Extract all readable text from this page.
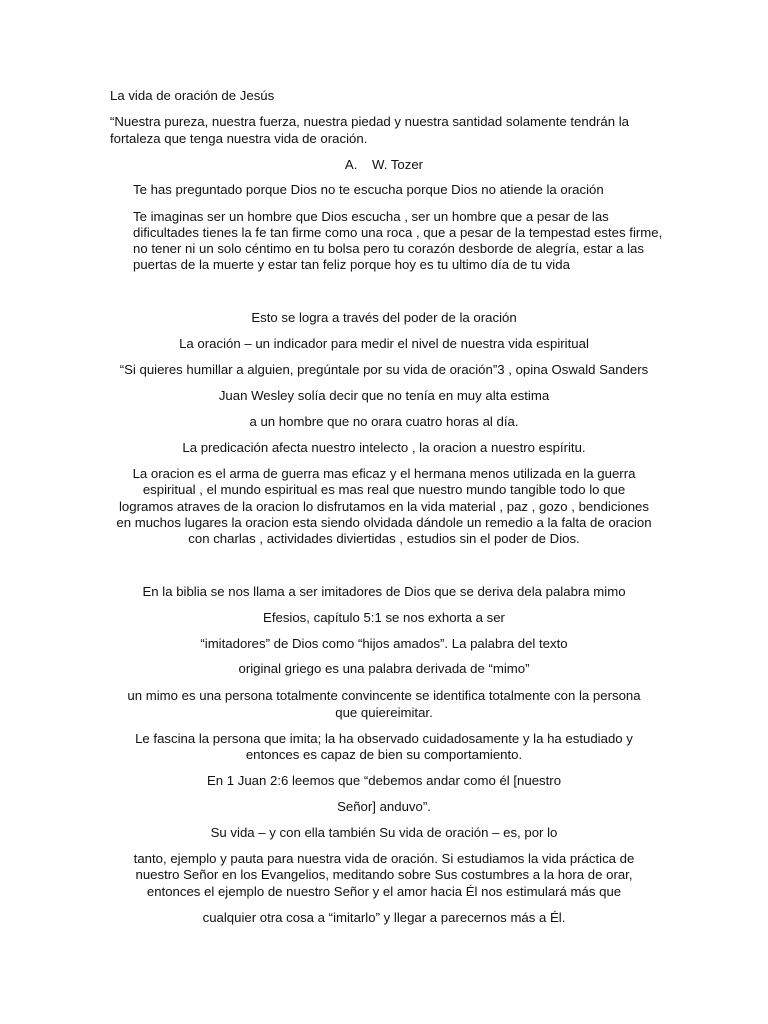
La vida de oración de Jesús

“Nuestra pureza, nuestra fuerza, nuestra piedad y nuestra santidad solamente tendrán la

fortaleza que tenga nuestra vida de oración.

A.    W. Tozer

Te has preguntado porque Dios no te escucha porque Dios no atiende la oración

Te imaginas ser un hombre que Dios escucha , ser un hombre que a pesar de las

dificultades tienes la fe tan firme como una roca , que a pesar de la tempestad estes firme,

no tener ni un solo céntimo en tu bolsa pero tu corazón desborde de alegría, estar a las

puertas de la muerte y estar tan feliz porque hoy es tu ultimo día de tu vida

Esto se logra a través del poder de la oración

La oración – un indicador para medir el nivel de nuestra vida espiritual

“Si quieres humillar a alguien, pregúntale por su vida de oración”3 , opina Oswald Sanders

Juan Wesley solía decir que no tenía en muy alta estima

a un hombre que no orara cuatro horas al día.

La predicación afecta nuestro intelecto , la oracion a nuestro espíritu.

La oracion es el arma de guerra mas eficaz y el hermana menos utilizada en la guerra

espiritual , el mundo espiritual es mas real que nuestro mundo tangible todo lo que

logramos atraves de la oracion lo disfrutamos en la vida material , paz , gozo , bendiciones

en muchos lugares la oracion esta siendo olvidada dándole un remedio a la falta de oracion

con charlas , actividades diviertidas , estudios sin el poder de Dios.

En la biblia se nos llama a ser imitadores de Dios que se deriva dela palabra mimo

Efesios, capítulo 5:1 se nos exhorta a ser

“imitadores” de Dios como “hijos amados”. La palabra del texto

original griego es una palabra derivada de “mimo”

un mimo es una persona totalmente convincente se identifica totalmente con la persona

que quiereimitar.

Le fascina la persona que imita; la ha observado cuidadosamente y la ha estudiado y

entonces es capaz de bien su comportamiento.

En 1 Juan 2:6 leemos que “debemos andar como él [nuestro

Señor] anduvo”.

Su vida – y con ella también Su vida de oración – es, por lo

tanto, ejemplo y pauta para nuestra vida de oración. Si estudiamos la vida práctica de

nuestro Señor en los Evangelios, meditando sobre Sus costumbres a la hora de orar,

entonces el ejemplo de nuestro Señor y el amor hacia Él nos estimulará más que

cualquier otra cosa a “imitarlo” y llegar a parecernos más a Él.
